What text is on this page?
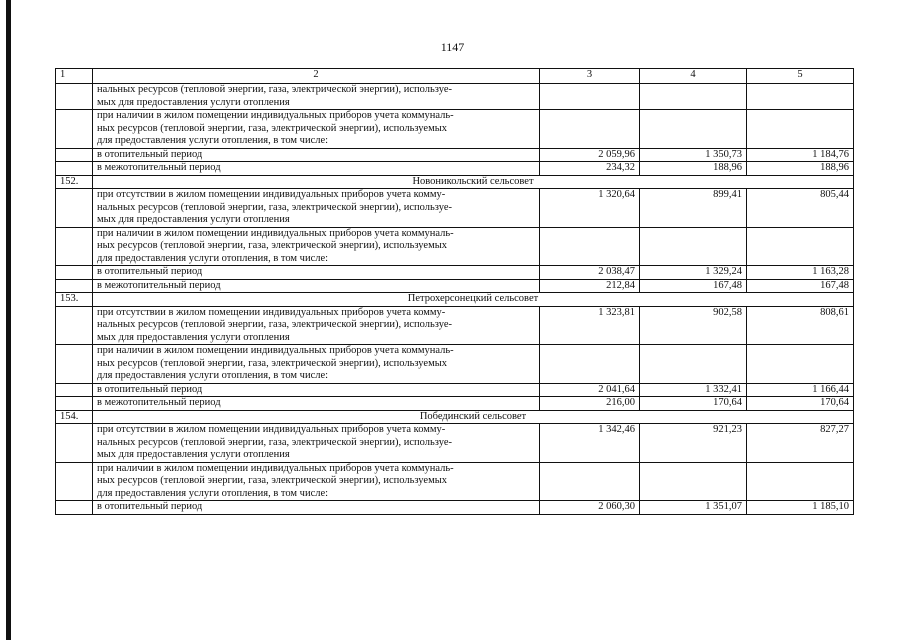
1147
1	2	3	4	5
	нальных ресурсов (тепловой энергии, газа, электрической энергии), используе-
мых для предоставления услуги отопления			
	при наличии в жилом помещении индивидуальных приборов учета коммуналь-
ных ресурсов (тепловой энергии, газа, электрической энергии), используемых
для предоставления услуги отопления, в том числе:			
	в отопительный период	2 059,96	1 350,73	1 184,76
	в межотопительный период	234,32	188,96	188,96
152.	Новоникольский сельсовет			
	при отсутствии в жилом помещении индивидуальных приборов учета комму-
нальных ресурсов (тепловой энергии, газа, электрической энергии), используе-
мых для предоставления услуги отопления	1 320,64	899,41	805,44
	при наличии в жилом помещении индивидуальных приборов учета коммуналь-
ных ресурсов (тепловой энергии, газа, электрической энергии), используемых
для предоставления услуги отопления, в том числе:			
	в отопительный период	2 038,47	1 329,24	1 163,28
	в межотопительный период	212,84	167,48	167,48
153.	Петрохерсонецкий сельсовет			
	при отсутствии в жилом помещении индивидуальных приборов учета комму-
нальных ресурсов (тепловой энергии, газа, электрической энергии), используе-
мых для предоставления услуги отопления	1 323,81	902,58	808,61
	при наличии в жилом помещении индивидуальных приборов учета коммуналь-
ных ресурсов (тепловой энергии, газа, электрической энергии), используемых
для предоставления услуги отопления, в том числе:			
	в отопительный период	2 041,64	1 332,41	1 166,44
	в межотопительный период	216,00	170,64	170,64
154.	Побединский сельсовет			
	при отсутствии в жилом помещении индивидуальных приборов учета комму-
нальных ресурсов (тепловой энергии, газа, электрической энергии), используе-
мых для предоставления услуги отопления	1 342,46	921,23	827,27
	при наличии в жилом помещении индивидуальных приборов учета коммуналь-
ных ресурсов (тепловой энергии, газа, электрической энергии), используемых
для предоставления услуги отопления, в том числе:			
	в отопительный период	2 060,30	1 351,07	1 185,10
